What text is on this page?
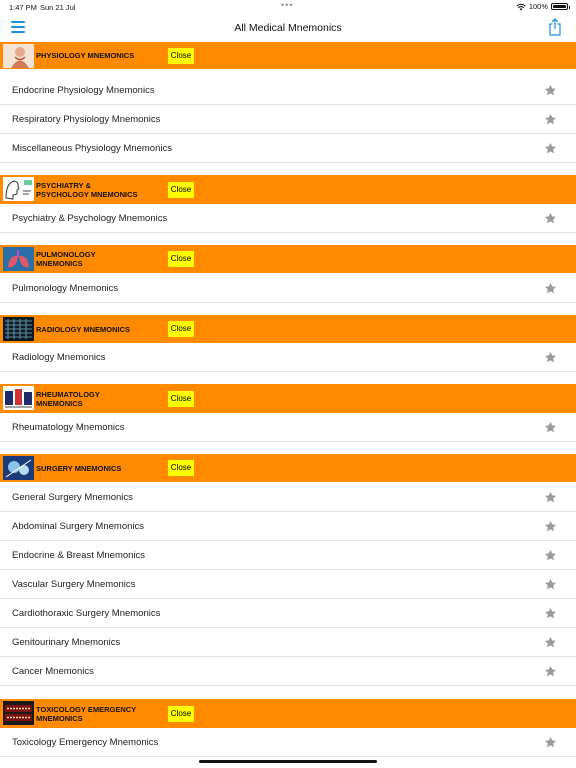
1:47 PM Sun 21 Jul	•••	100%
All Medical Mnemonics
PHYSIOLOGY MNEMONICS	Close
Endocrine Physiology Mnemonics
Respiratory Physiology Mnemonics
Miscellaneous Physiology Mnemonics
PSYCHIATRY &
PSYCHOLOGY MNEMONICS
Close
Psychiatry & Psychology Mnemonics
PULMONOLOGY
MNEMONICS
Close
Pulmonology Mnemonics
RADIOLOGY MNEMONICS	Close
Radiology Mnemonics
RHEUMATOLOGY
MNEMONICS
Close
Rheumatology Mnemonics
SURGERY MNEMONICS	Close
General Surgery Mnemonics
Abdominal Surgery Mnemonics
Endocrine & Breast Mnemonics
Vascular Surgery Mnemonics
Cardiothoraxic Surgery Mnemonics
Genitourinary Mnemonics
Cancer Mnemonics
TOXICOLOGY EMERGENCY
MNEMONICS
Close
Toxicology Emergency Mnemonics
